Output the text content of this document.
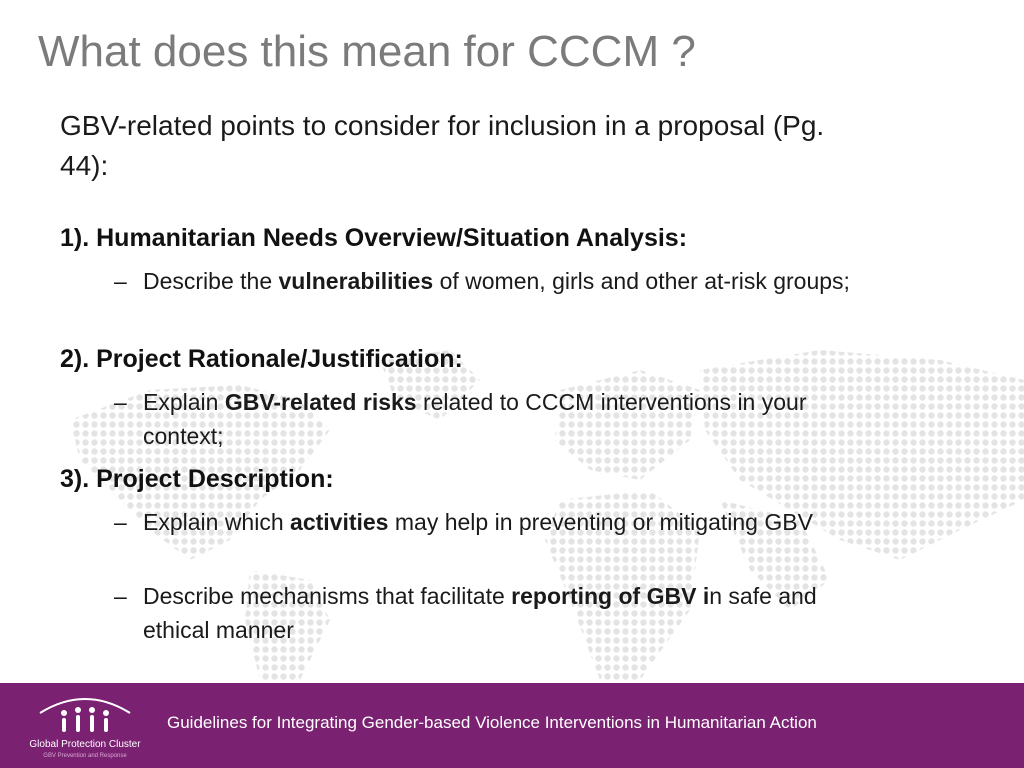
What does this mean for CCCM ?
GBV-related points to consider for inclusion in a proposal (Pg. 44):
1). Humanitarian Needs Overview/Situation Analysis:
– Describe the vulnerabilities of women, girls and other at-risk groups;
2). Project Rationale/Justification:
– Explain GBV-related risks related to CCCM interventions in your context;
3). Project Description:
– Explain which activities may help in preventing or mitigating GBV
– Describe mechanisms that facilitate reporting of GBV in safe and ethical manner
Global Protection Cluster
GBV Prevention and Response
Guidelines for Integrating Gender-based Violence Interventions in Humanitarian Action
